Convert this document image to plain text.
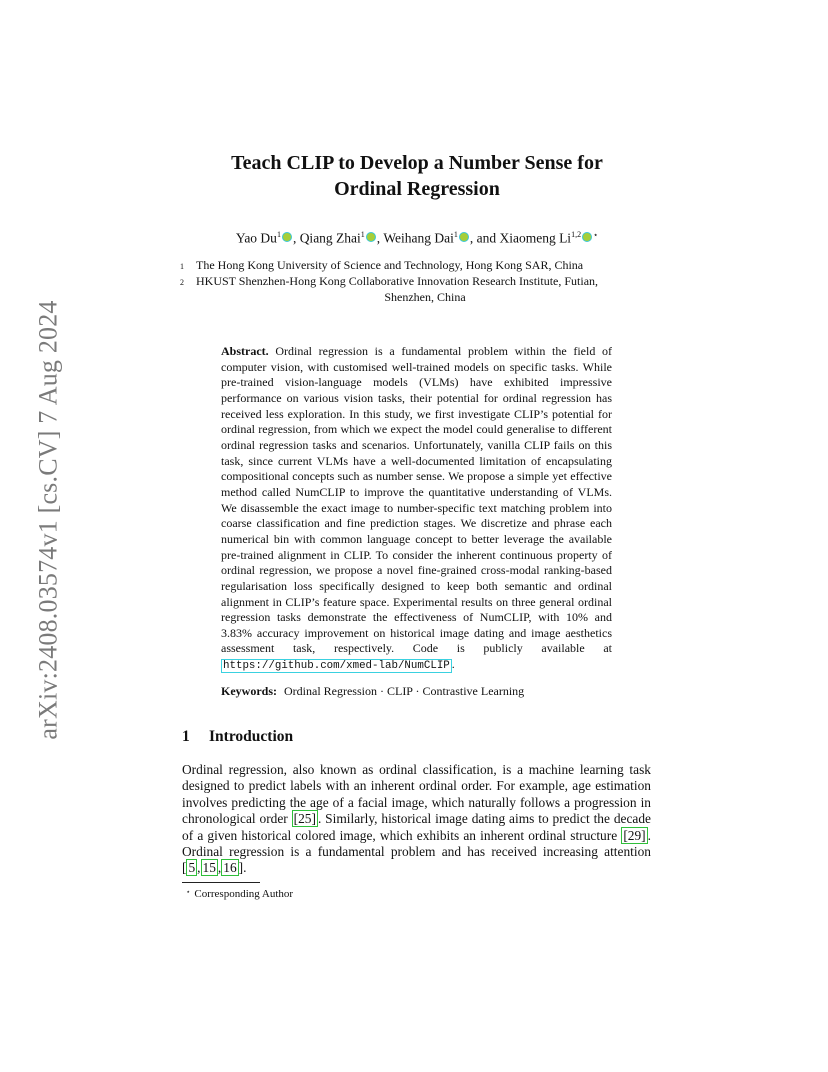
arXiv:2408.03574v1 [cs.CV] 7 Aug 2024
Teach CLIP to Develop a Number Sense for
Ordinal Regression
Yao Du$^1$ , Qiang Zhai$^1$ , Weihang Dai$^1$ , and Xiaomeng Li$^{1,2}$ ⋆
1	The Hong Kong University of Science and Technology, Hong Kong SAR, China
2	HKUST Shenzhen-Hong Kong Collaborative Innovation Research Institute, Futian,
Shenzhen, China
Abstract. Ordinal regression is a fundamental problem within the field of computer vision, with customised well-trained models on specific tasks. While pre-trained vision-language models (VLMs) have exhibited impressive performance on various vision tasks, their potential for ordinal regression has received less exploration. In this study, we first investigate CLIP’s potential for ordinal regression, from which we expect the model could generalise to different ordinal regression tasks and scenarios. Unfortunately, vanilla CLIP fails on this task, since current VLMs have a well-documented limitation of encapsulating compositional concepts such as number sense. We propose a simple yet effective method called NumCLIP to improve the quantitative understanding of VLMs. We disassemble the exact image to number-specific text matching problem into coarse classification and fine prediction stages. We discretize and phrase each numerical bin with common language concept to better leverage the available pre-trained alignment in CLIP. To consider the inherent continuous property of ordinal regression, we propose a novel fine-grained cross-modal ranking-based regularisation loss specifically designed to keep both semantic and ordinal alignment in CLIP’s feature space. Experimental results on three general ordinal regression tasks demonstrate the effectiveness of NumCLIP, with 10% and 3.83% accuracy improvement on historical image dating and image aesthetics assessment task, respectively. Code is publicly available at https://github.com/xmed-lab/NumCLIP .
Keywords: Ordinal Regression · CLIP · Contrastive Learning
1 Introduction
Ordinal regression, also known as ordinal classification, is a machine learning task designed to predict labels with an inherent ordinal order. For example, age estimation involves predicting the age of a facial image, which naturally follows a progression in chronological order [25] . Similarly, historical image dating aims to predict the decade of a given historical colored image, which exhibits an inherent ordinal structure [29] . Ordinal regression is a fundamental problem and has received increasing attention [ 5 , 15 , 16 ].
⋆ Corresponding Author
